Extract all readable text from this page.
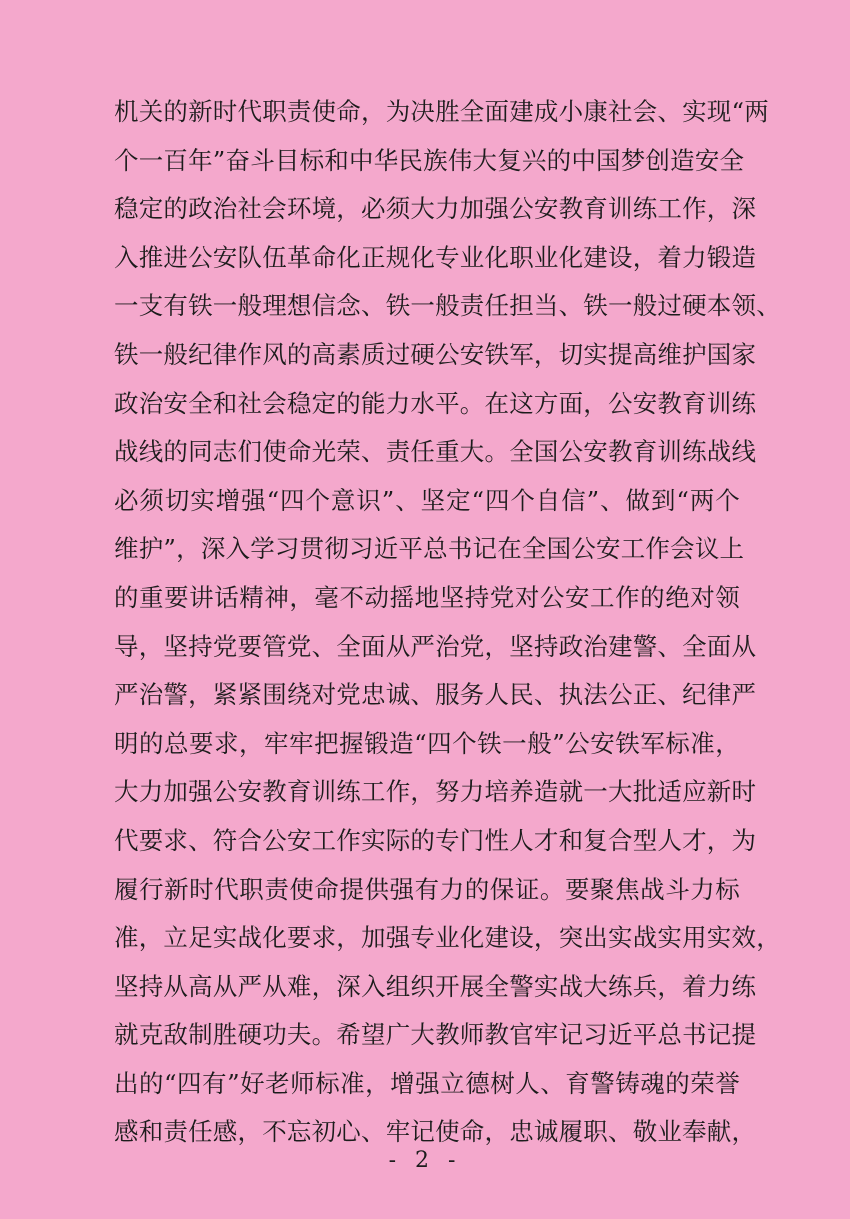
机关的新时代职责使命，为决胜全面建成小康社会、实现“两
个一百年”奋斗目标和中华民族伟大复兴的中国梦创造安全
稳定的政治社会环境，必须大力加强公安教育训练工作，深
入推进公安队伍革命化正规化专业化职业化建设，着力锻造
一支有铁一般理想信念、铁一般责任担当、铁一般过硬本领、
铁一般纪律作风的高素质过硬公安铁军，切实提高维护国家
政治安全和社会稳定的能力水平。在这方面，公安教育训练
战线的同志们使命光荣、责任重大。全国公安教育训练战线
必须切实增强“四个意识”、坚定“四个自信”、做到“两个
维护”，深入学习贯彻习近平总书记在全国公安工作会议上
的重要讲话精神，毫不动摇地坚持党对公安工作的绝对领
导，坚持党要管党、全面从严治党，坚持政治建警、全面从
严治警，紧紧围绕对党忠诚、服务人民、执法公正、纪律严
明的总要求，牢牢把握锻造“四个铁一般”公安铁军标准，
大力加强公安教育训练工作，努力培养造就一大批适应新时
代要求、符合公安工作实际的专门性人才和复合型人才，为
履行新时代职责使命提供强有力的保证。要聚焦战斗力标
准，立足实战化要求，加强专业化建设，突出实战实用实效，
坚持从高从严从难，深入组织开展全警实战大练兵，着力练
就克敌制胜硬功夫。希望广大教师教官牢记习近平总书记提
出的“四有”好老师标准，增强立德树人、育警铸魂的荣誉
感和责任感，不忘初心、牢记使命，忠诚履职、敬业奉献，
- 2 -
